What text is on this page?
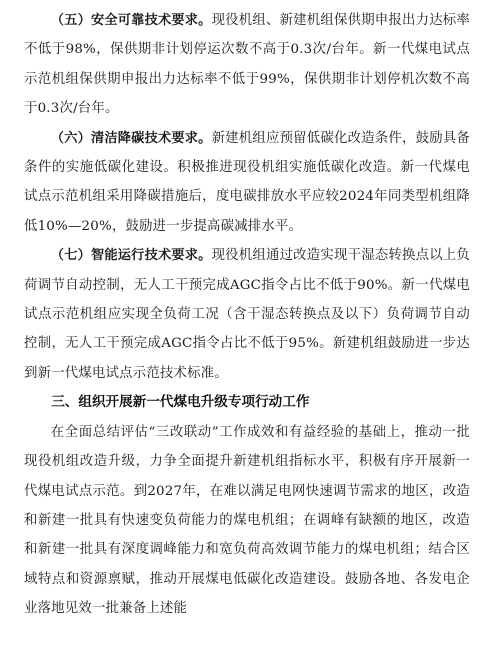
（五）安全可靠技术要求。现役机组、新建机组保供期申报出力达标率不低于98%，保供期非计划停运次数不高于0.3次/台年。新一代煤电试点示范机组保供期申报出力达标率不低于99%，保供期非计划停机次数不高于0.3次/台年。

（六）清洁降碳技术要求。新建机组应预留低碳化改造条件，鼓励具备条件的实施低碳化建设。积极推进现役机组实施低碳化改造。新一代煤电试点示范机组采用降碳措施后，度电碳排放水平应较2024年同类型机组降低10%—20%，鼓励进一步提高碳减排水平。

（七）智能运行技术要求。现役机组通过改造实现干湿态转换点以上负荷调节自动控制，无人工干预完成AGC指令占比不低于90%。新一代煤电试点示范机组应实现全负荷工况（含干湿态转换点及以下）负荷调节自动控制，无人工干预完成AGC指令占比不低于95%。新建机组鼓励进一步达到新一代煤电试点示范技术标准。

三、组织开展新一代煤电升级专项行动工作

在全面总结评估“三改联动”工作成效和有益经验的基础上，推动一批现役机组改造升级，力争全面提升新建机组指标水平，积极有序开展新一代煤电试点示范。到2027年，在难以满足电网快速调节需求的地区，改造和新建一批具有快速变负荷能力的煤电机组；在调峰有缺额的地区，改造和新建一批具有深度调峰能力和宽负荷高效调节能力的煤电机组；结合区域特点和资源禀赋，推动开展煤电低碳化改造建设。鼓励各地、各发电企业落地见效一批兼备上述能
